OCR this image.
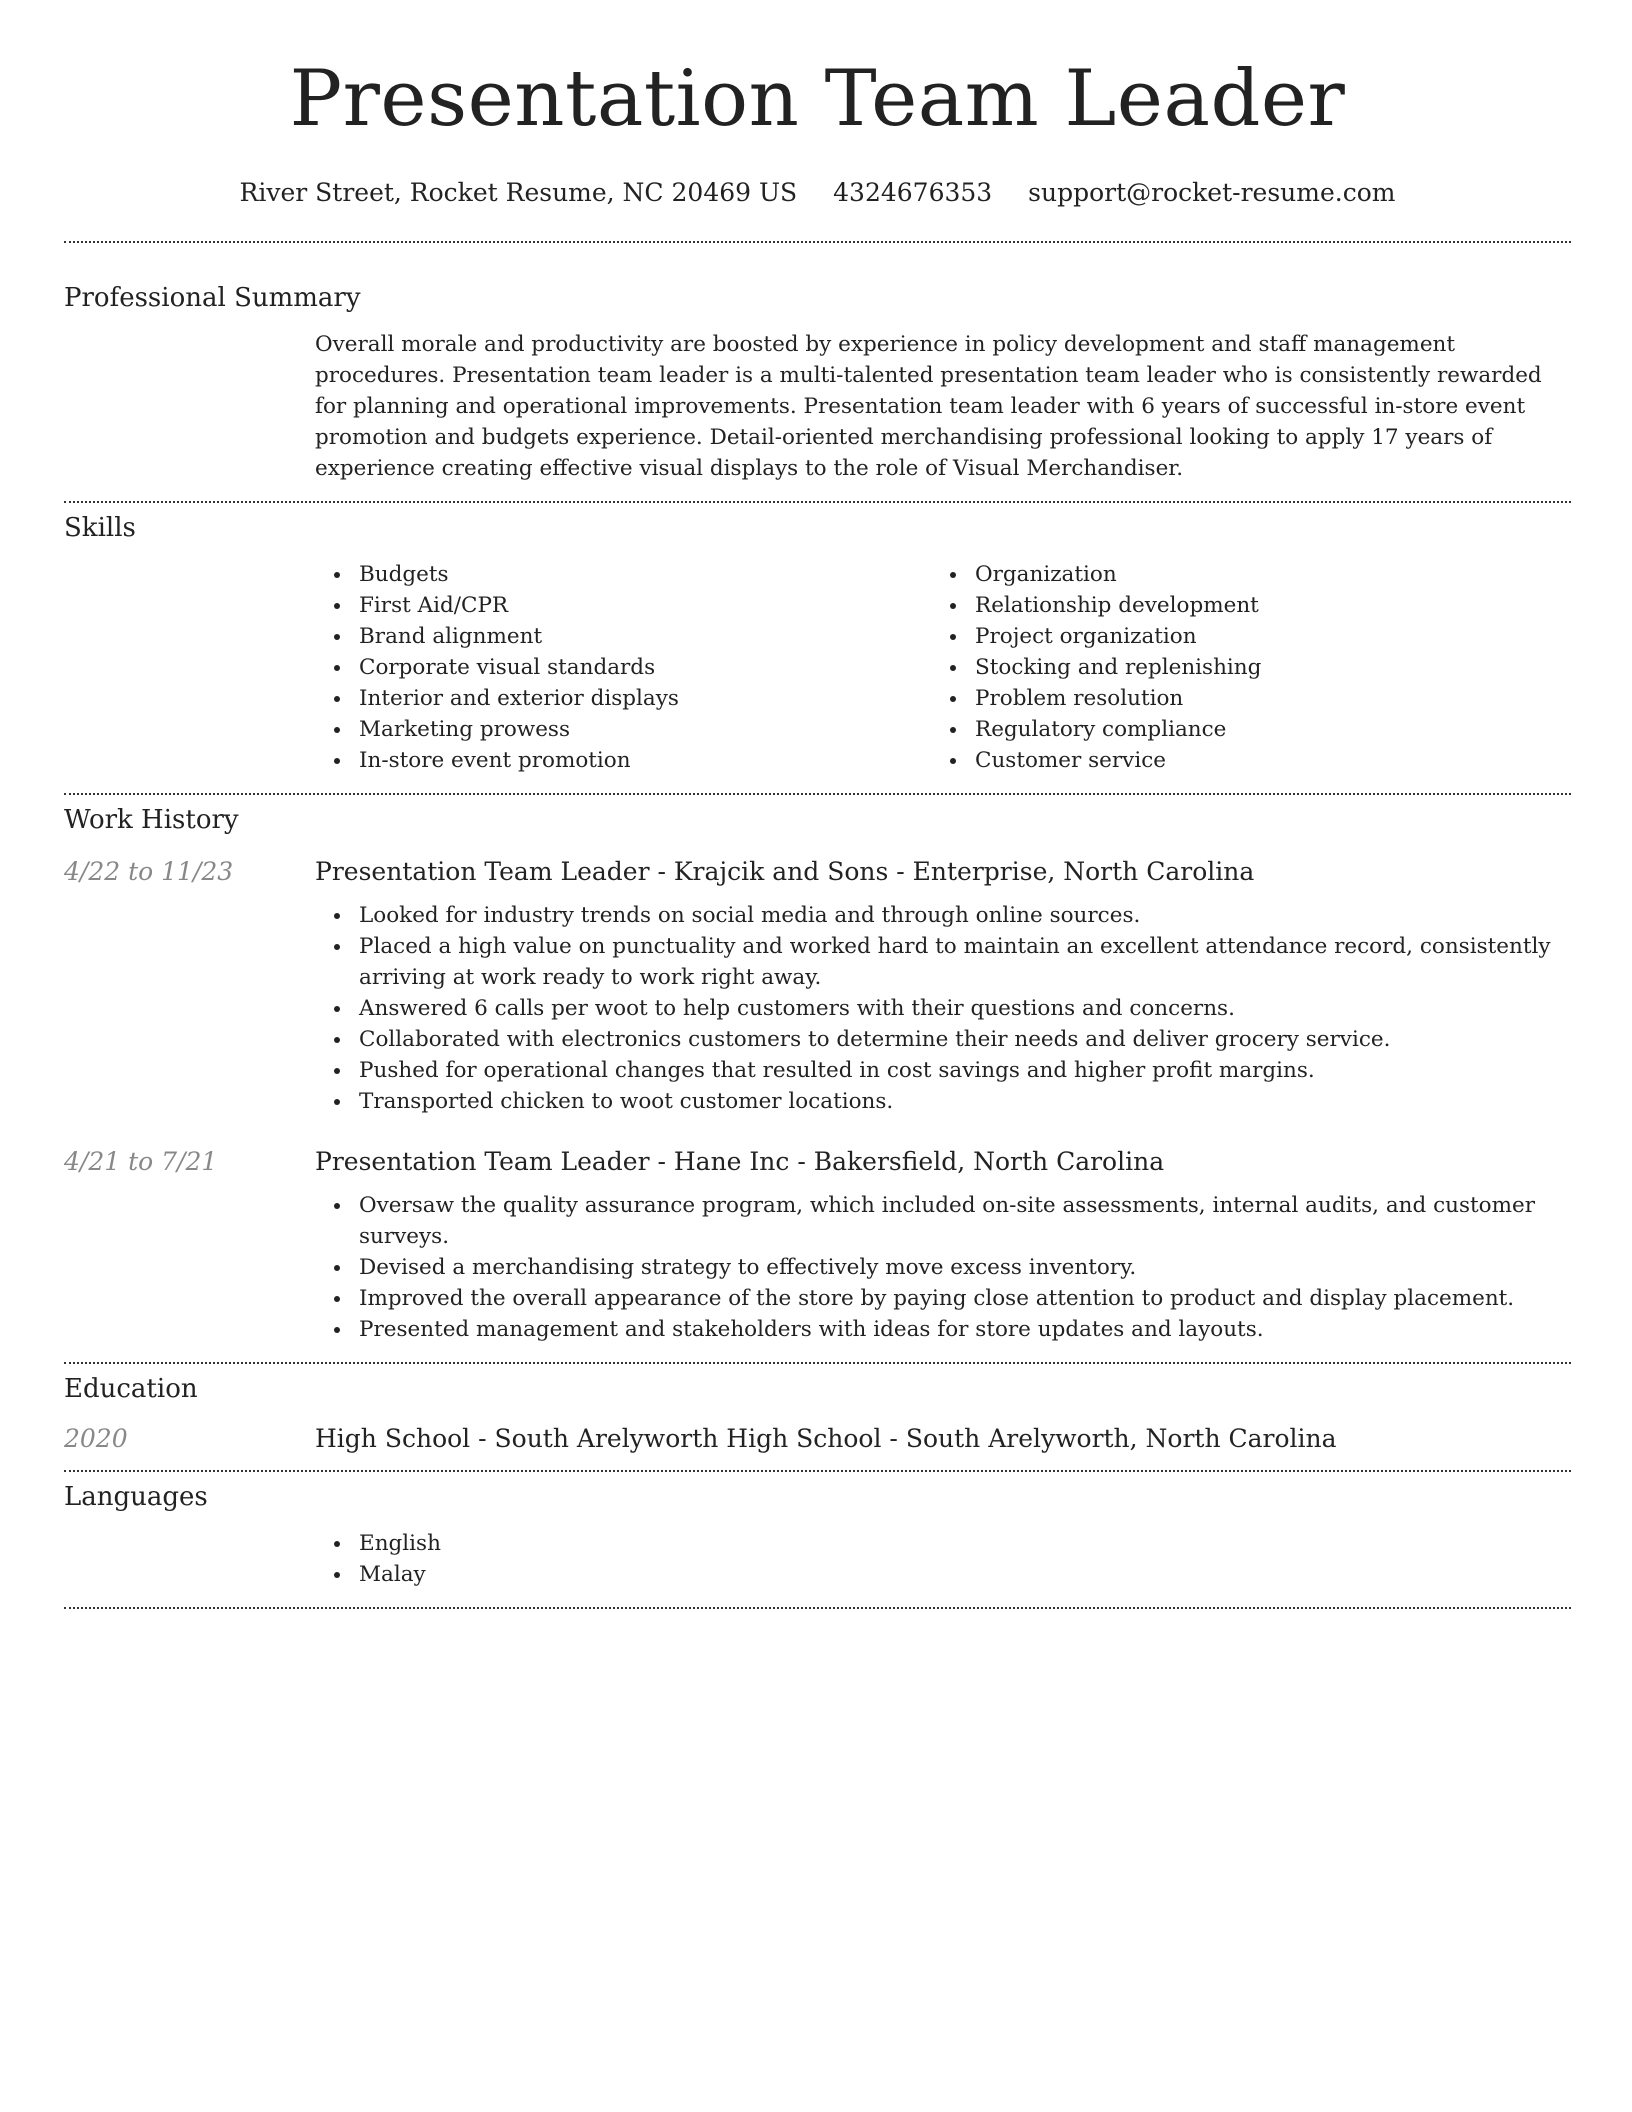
Presentation Team Leader
River Street, Rocket Resume, NC 20469 US 4324676353 support@rocket-resume.com
Professional Summary
Overall morale and productivity are boosted by experience in policy development and staff management procedures. Presentation team leader is a multi-talented presentation team leader who is consistently rewarded for planning and operational improvements. Presentation team leader with 6 years of successful in-store event promotion and budgets experience. Detail-oriented merchandising professional looking to apply 17 years of experience creating effective visual displays to the role of Visual Merchandiser.
Skills
Budgets
First Aid/CPR
Brand alignment
Corporate visual standards
Interior and exterior displays
Marketing prowess
In-store event promotion
Organization
Relationship development
Project organization
Stocking and replenishing
Problem resolution
Regulatory compliance
Customer service
Work History
4/22 to 11/23	Presentation Team Leader - Krajcik and Sons - Enterprise, North Carolina
Looked for industry trends on social media and through online sources.
Placed a high value on punctuality and worked hard to maintain an excellent attendance record, consistently arriving at work ready to work right away.
Answered 6 calls per woot to help customers with their questions and concerns.
Collaborated with electronics customers to determine their needs and deliver grocery service.
Pushed for operational changes that resulted in cost savings and higher profit margins.
Transported chicken to woot customer locations.
4/21 to 7/21	Presentation Team Leader - Hane Inc - Bakersfield, North Carolina
Oversaw the quality assurance program, which included on-site assessments, internal audits, and customer surveys.
Devised a merchandising strategy to effectively move excess inventory.
Improved the overall appearance of the store by paying close attention to product and display placement.
Presented management and stakeholders with ideas for store updates and layouts.
Education
2020	High School - South Arelyworth High School - South Arelyworth, North Carolina
Languages
English
Malay
